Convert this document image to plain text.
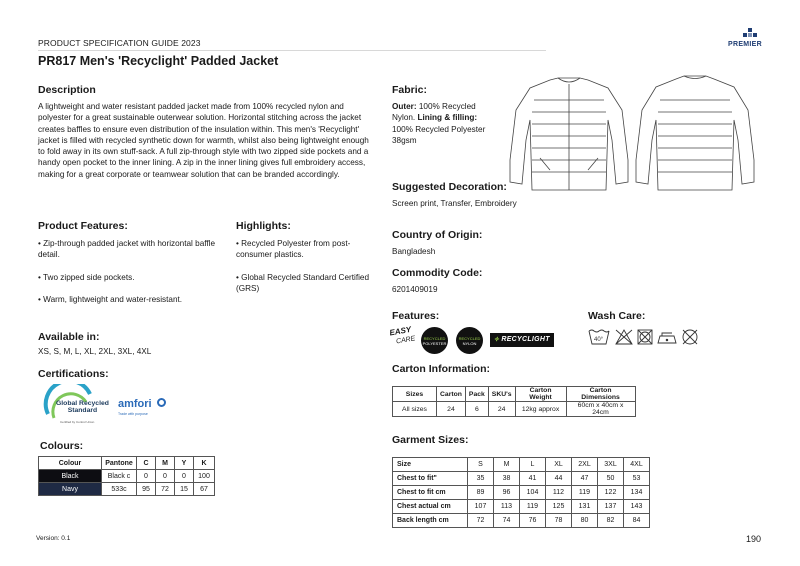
PRODUCT SPECIFICATION GUIDE 2023
PR817 Men's 'Recyclight' Padded Jacket
PREMIER
Description
A lightweight and water resistant padded jacket made from 100% recycled nylon and polyester for a great sustainable outerwear solution. Horizontal stitching across the jacket creates baffles to ensure even distribution of the insulation within. This men's 'Recyclight' jacket is filled with recycled synthetic down for warmth, whilst also being lightweight enough to fold away in its own stuff-sack. A full zip-through style with two zipped side pockets and a handy open pocket to the inner lining. A zip in the inner lining gives full embroidery access, making for a great corporate or teamwear solution that can be branded accordingly.
Product Features:
• Zip-through padded jacket with horizontal baffle detail.
• Two zipped side pockets.
• Warm, lightweight and water-resistant.
Highlights:
• Recycled Polyester from post-consumer plastics.
• Global Recycled Standard Certified (GRS)
Available in:
XS, S, M, L, XL, 2XL, 3XL, 4XL
Certifications:
Global Recycled
Standard
Certified by Control Union
amfori
Trade with purpose
Colours:
Colour	Pantone	C	M	Y	K
Black	Black c	0	0	0	100
Navy	533c	95	72	15	67
Fabric:
Outer: 100% Recycled Nylon. Lining & filling: 100% Recycled Polyester 38gsm
Suggested Decoration:
Screen print, Transfer, Embroidery
Country of Origin:
Bangladesh
Commodity Code:
6201409019
Features:
EASY
CARE	RECYCLED
POLYESTER
RECYCLED
NYLON
⟡ RECYCLIGHT
Wash Care:
40°
Carton Information:
Sizes	Carton	Pack	SKU's	Carton Weight	Carton Dimensions
All sizes	24	6	24	12kg approx	60cm x 40cm x 24cm
Garment Sizes:
Size	S	M	L	XL	2XL	3XL	4XL
Chest to fit"	35	38	41	44	47	50	53
Chest to fit cm	89	96	104	112	119	122	134
Chest actual cm	107	113	119	125	131	137	143
Back length cm	72	74	76	78	80	82	84
Version: 0.1	190
